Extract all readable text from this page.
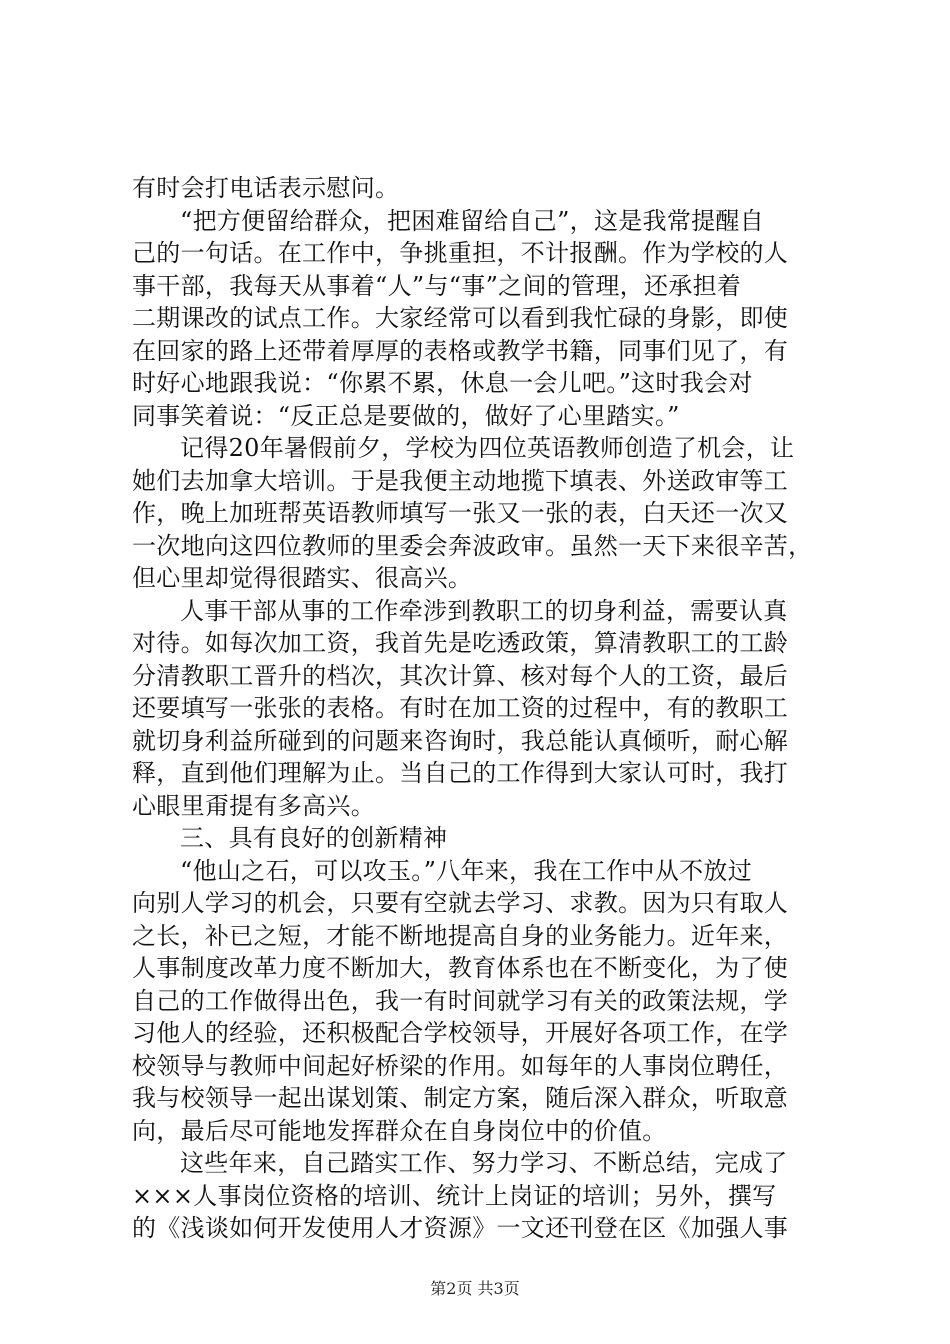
有时会打电话表示慰问。
“把方便留给群众，把困难留给自己”，这是我常提醒自
己的一句话。在工作中，争挑重担，不计报酬。作为学校的人
事干部，我每天从事着“人”与“事”之间的管理，还承担着
二期课改的试点工作。大家经常可以看到我忙碌的身影，即使
在回家的路上还带着厚厚的表格或教学书籍，同事们见了，有
时好心地跟我说：“你累不累，休息一会儿吧。”这时我会对
同事笑着说：“反正总是要做的，做好了心里踏实。”
记得20年暑假前夕，学校为四位英语教师创造了机会，让
她们去加拿大培训。于是我便主动地揽下填表、外送政审等工
作，晚上加班帮英语教师填写一张又一张的表，白天还一次又
一次地向这四位教师的里委会奔波政审。虽然一天下来很辛苦，
但心里却觉得很踏实、很高兴。
人事干部从事的工作牵涉到教职工的切身利益，需要认真
对待。如每次加工资，我首先是吃透政策，算清教职工的工龄
分清教职工晋升的档次，其次计算、核对每个人的工资，最后
还要填写一张张的表格。有时在加工资的过程中，有的教职工
就切身利益所碰到的问题来咨询时，我总能认真倾听，耐心解
释，直到他们理解为止。当自己的工作得到大家认可时，我打
心眼里甭提有多高兴。
三、具有良好的创新精神
“他山之石，可以攻玉。”八年来，我在工作中从不放过
向别人学习的机会，只要有空就去学习、求教。因为只有取人
之长，补已之短，才能不断地提高自身的业务能力。近年来，
人事制度改革力度不断加大，教育体系也在不断变化，为了使
自己的工作做得出色，我一有时间就学习有关的政策法规，学
习他人的经验，还积极配合学校领导，开展好各项工作，在学
校领导与教师中间起好桥梁的作用。如每年的人事岗位聘任，
我与校领导一起出谋划策、制定方案，随后深入群众，听取意
向，最后尽可能地发挥群众在自身岗位中的价值。
这些年来，自己踏实工作、努力学习、不断总结，完成了
×××人事岗位资格的培训、统计上岗证的培训；另外，撰写
的《浅谈如何开发使用人才资源》一文还刊登在区《加强人事
第2页 共3页
